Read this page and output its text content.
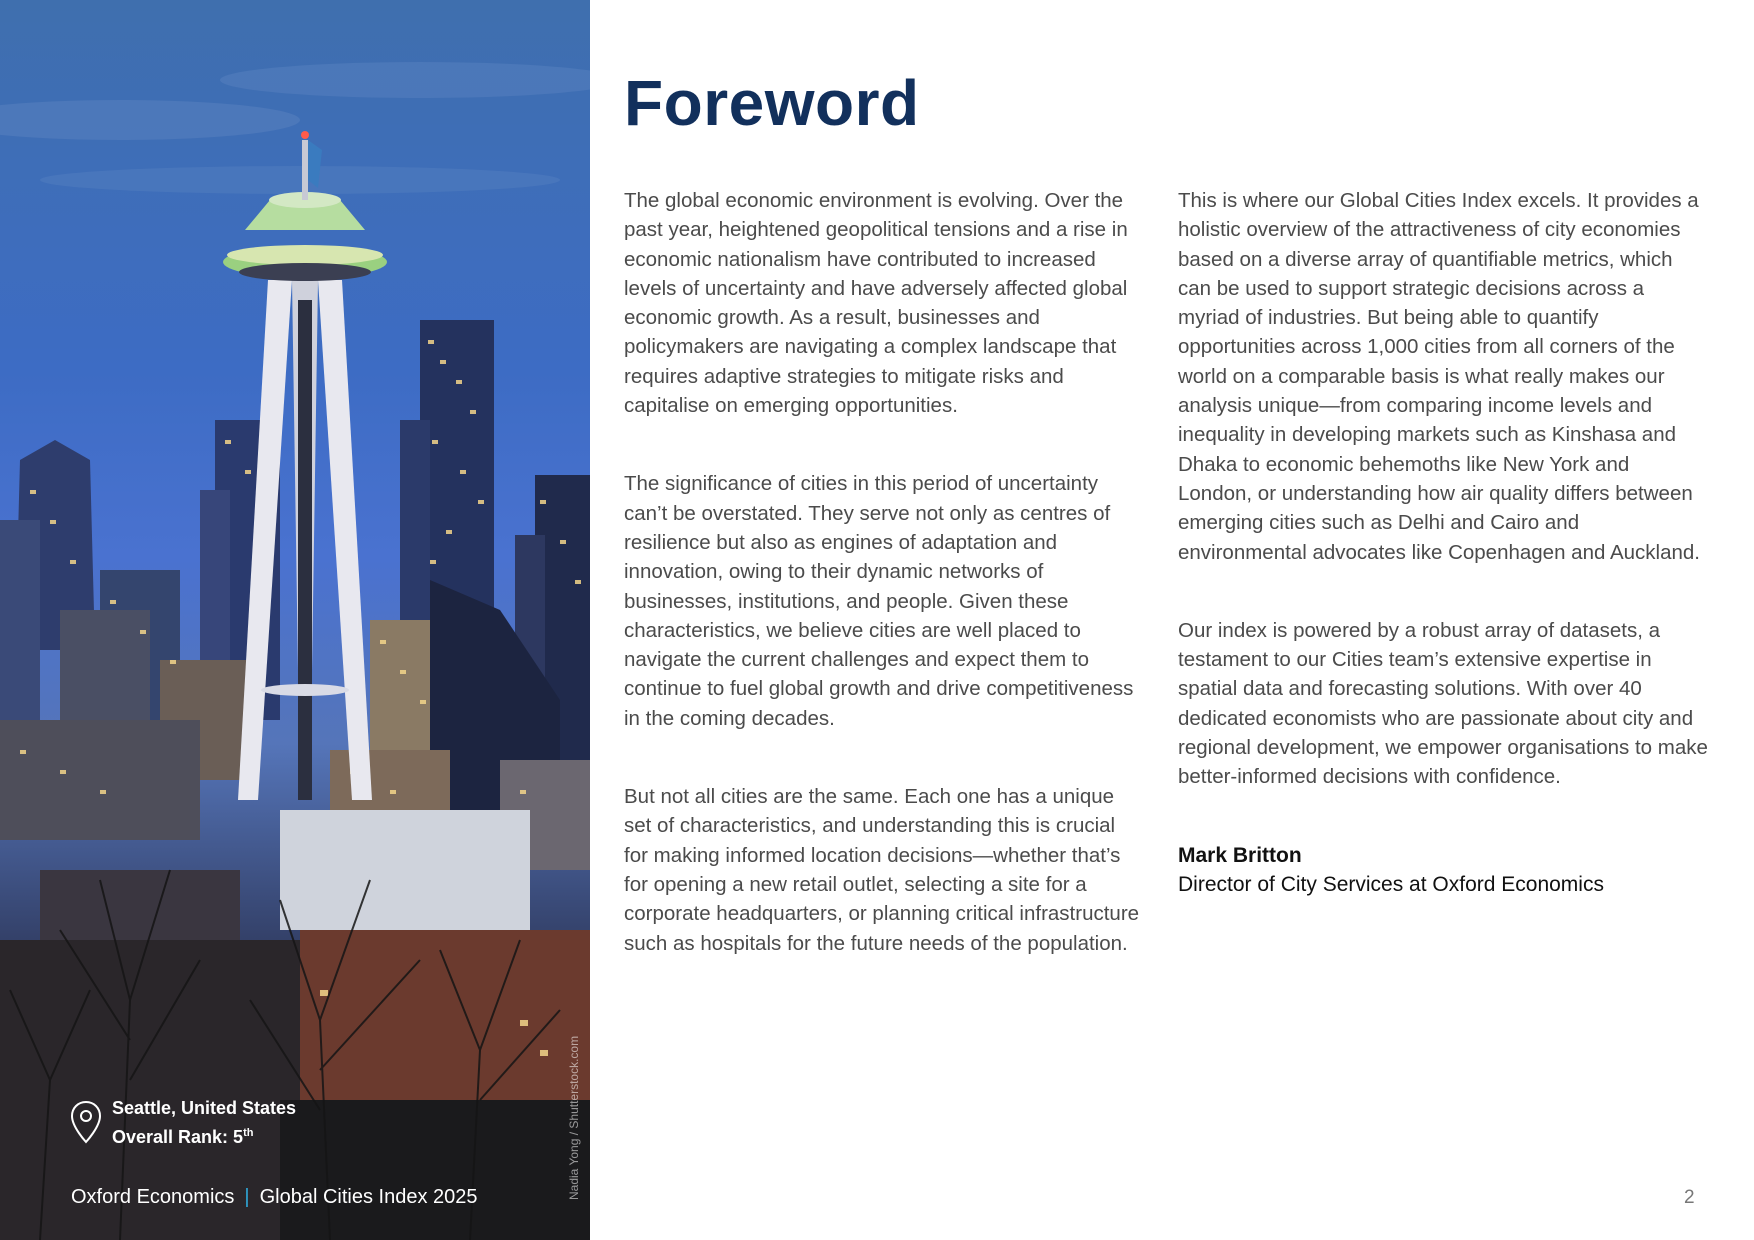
Seattle, United States
Overall Rank: 5th
Oxford Economics | Global Cities Index 2025	Nadia Yong / Shutterstock.com
Foreword

The global economic environment is evolving. Over the past year, heightened geopolitical tensions and a rise in economic nationalism have contributed to increased levels of uncertainty and have adversely affected global economic growth. As a result, businesses and policymakers are navigating a complex landscape that requires adaptive strategies to mitigate risks and capitalise on emerging opportunities.

The significance of cities in this period of uncertainty can’t be overstated. They serve not only as centres of resilience but also as engines of adaptation and innovation, owing to their dynamic networks of businesses, institutions, and people. Given these characteristics, we believe cities are well placed to navigate the current challenges and expect them to continue to fuel global growth and drive competitiveness in the coming decades.

But not all cities are the same. Each one has a unique set of characteristics, and understanding this is crucial for making informed location decisions—whether that’s for opening a new retail outlet, selecting a site for a corporate headquarters, or planning critical infrastructure such as hospitals for the future needs of the population.

This is where our Global Cities Index excels. It provides a holistic overview of the attractiveness of city economies based on a diverse array of quantifiable metrics, which can be used to support strategic decisions across a myriad of industries. But being able to quantify opportunities across 1,000 cities from all corners of the world on a comparable basis is what really makes our analysis unique—from comparing income levels and inequality in developing markets such as Kinshasa and Dhaka to economic behemoths like New York and London, or understanding how air quality differs between emerging cities such as Delhi and Cairo and environmental advocates like Copenhagen and Auckland.

Our index is powered by a robust array of datasets, a testament to our Cities team’s extensive expertise in spatial data and forecasting solutions. With over 40 dedicated economists who are passionate about city and regional development, we empower organisations to make better-informed decisions with confidence.

Mark Britton
Director of City Services at Oxford Economics
2
